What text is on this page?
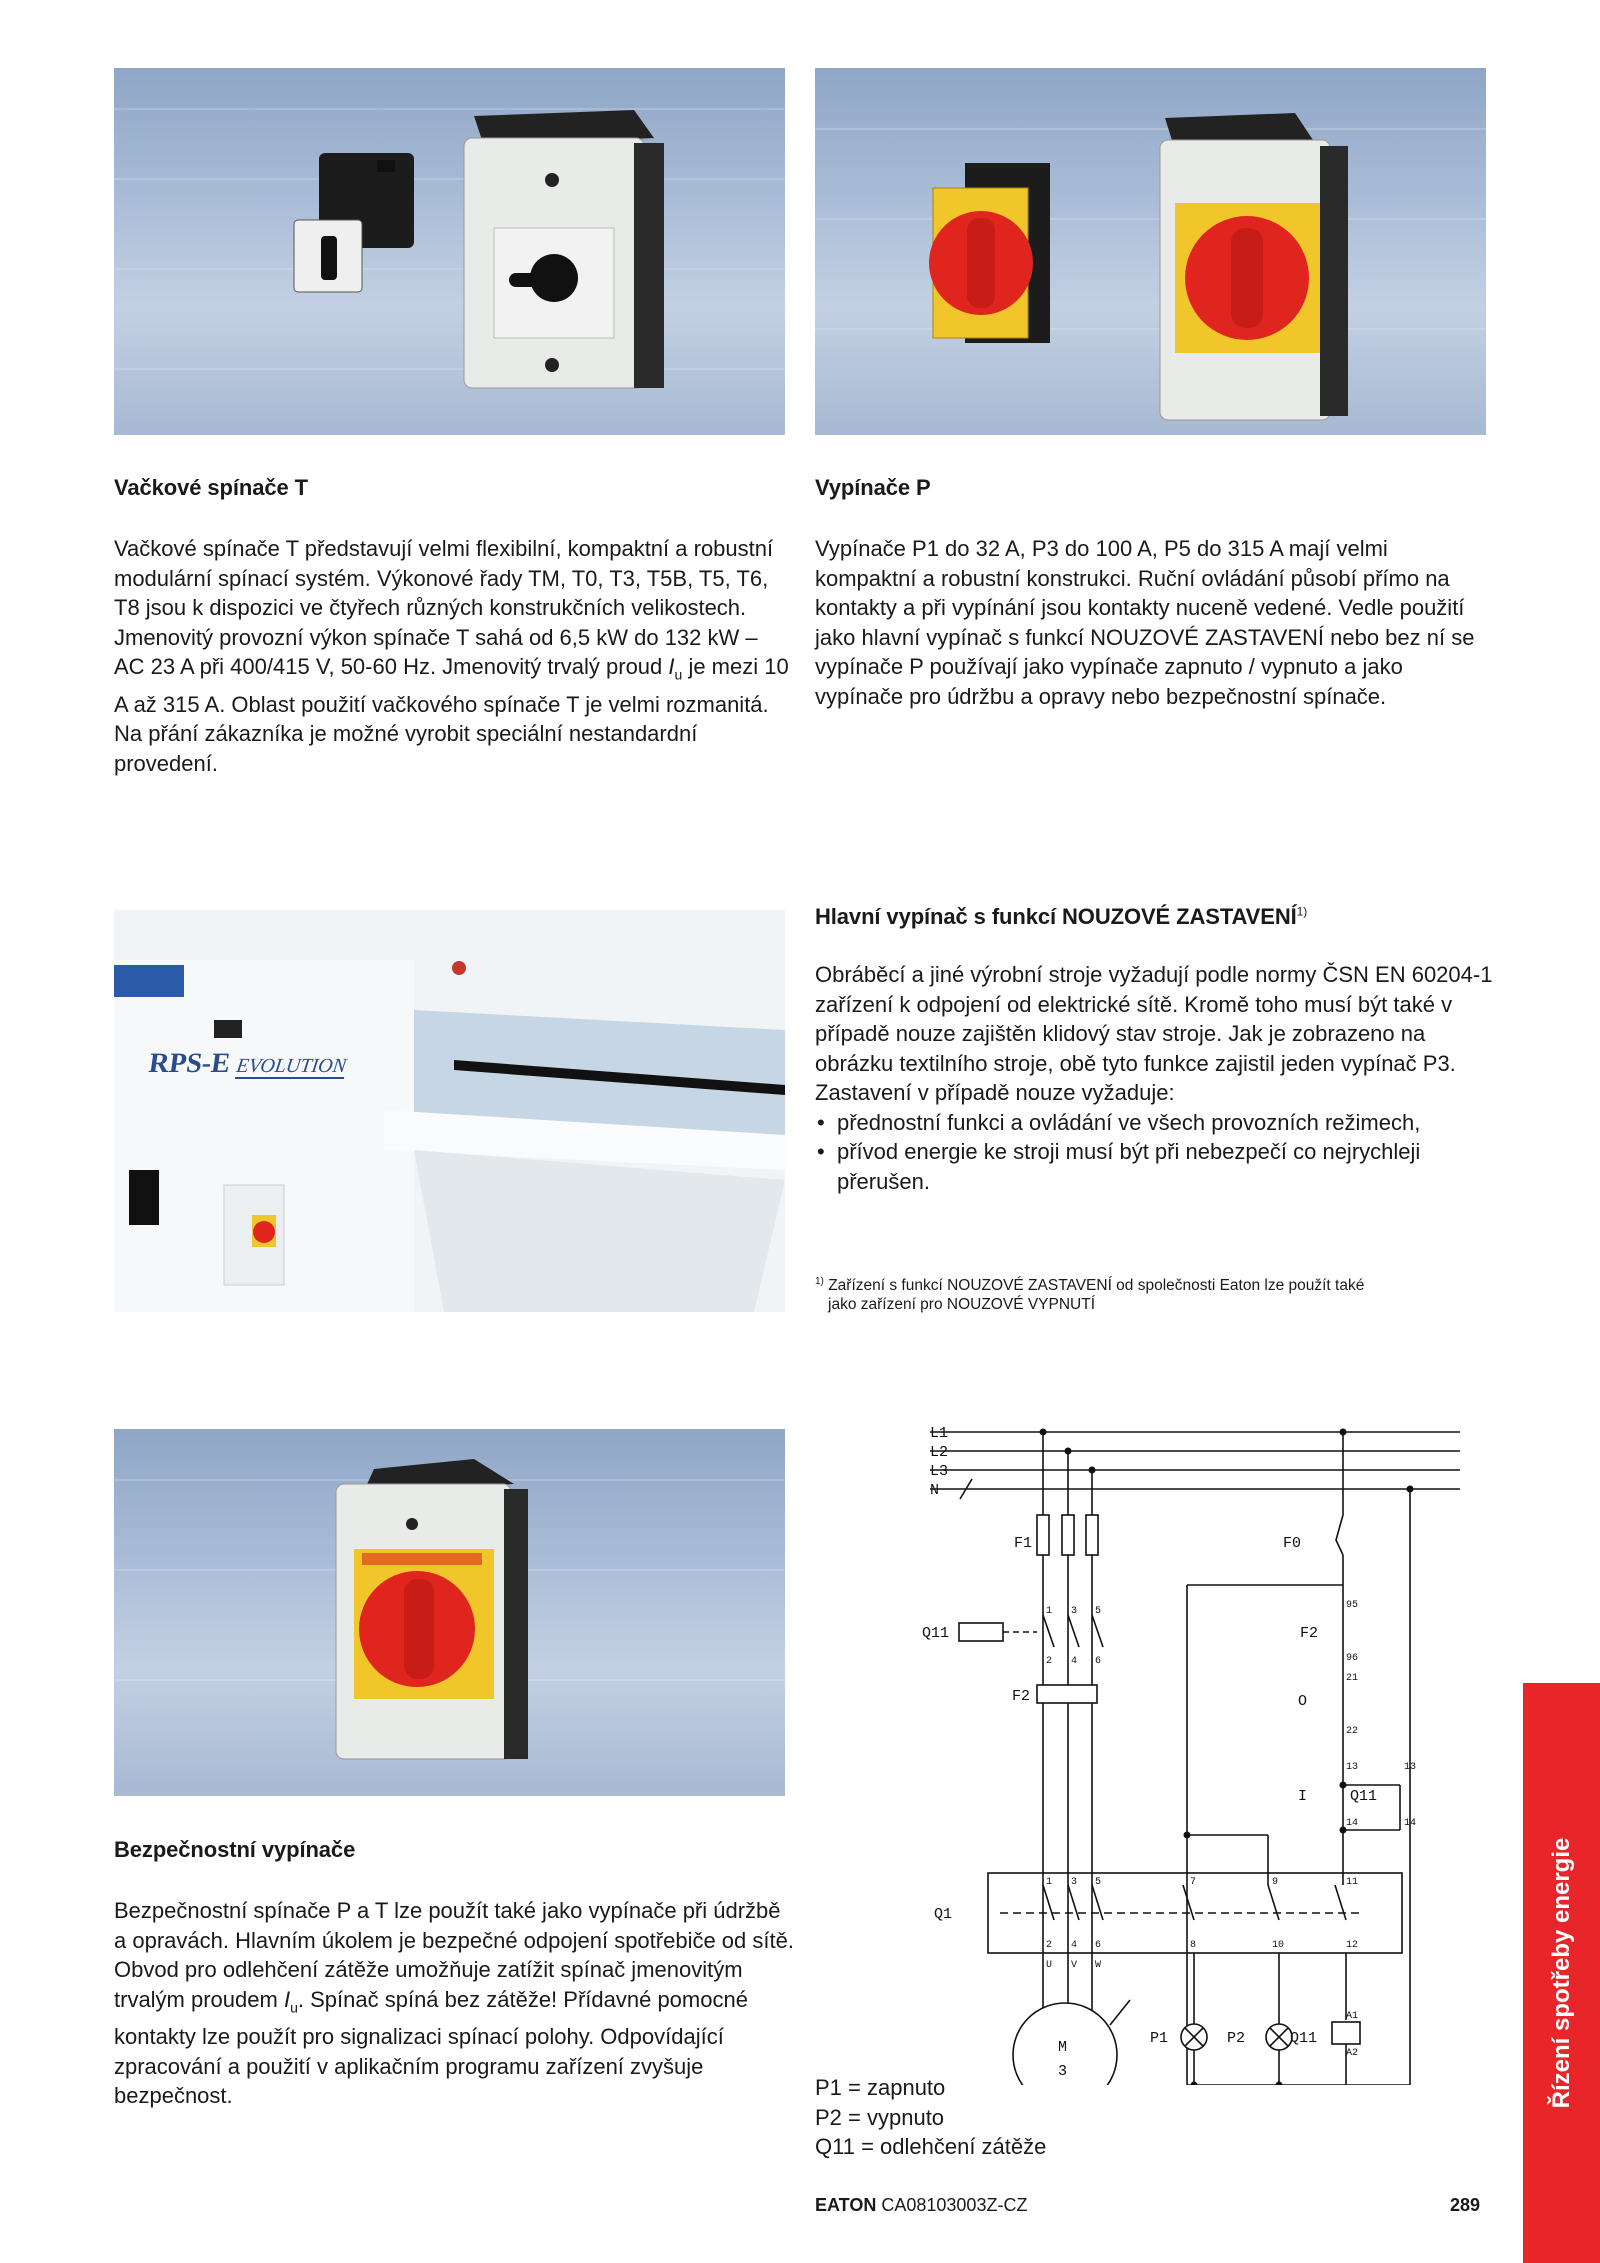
Vačkové spínače T

Vačkové spínače T představují velmi flexibilní, kompaktní a robustní modulární spínací systém. Výkonové řady TM, T0, T3, T5B, T5, T6, T8 jsou k dispozici ve čtyřech různých konstrukčních velikostech. Jmenovitý provozní výkon spínače T sahá od 6,5 kW do 132 kW – AC 23 A při 400/415 V, 50-60 Hz. Jmenovitý trvalý proud $I_u$ je mezi 10 A až 315 A. Oblast použití vačkového spínače T je velmi rozmanitá. Na přání zákazníka je možné vyrobit speciální nestandardní provedení.

Vypínače P

Vypínače P1 do 32 A, P3 do 100 A, P5 do 315 A mají velmi kompaktní a robustní konstrukci. Ruční ovládání působí přímo na kontakty a při vypínání jsou kontakty nuceně vedené. Vedle použití jako hlavní vypínač s funkcí NOUZOVÉ ZASTAVENÍ nebo bez ní se vypínače P používají jako vypínače zapnuto / vypnuto a jako vypínače pro údržbu a opravy nebo bezpečnostní spínače.

RPS-E EVOLUTION
Hlavní vypínač s funkcí NOUZOVÉ ZASTAVENÍ$^{1)}$
Obráběcí a jiné výrobní stroje vyžadují podle normy ČSN EN 60204-1 zařízení k odpojení od elektrické sítě. Kromě toho musí být také v případě nouze zajištěn klidový stav stroje. Jak je zobrazeno na obrázku textilního stroje, obě tyto funkce zajistil jeden vypínač P3. Zastavení v případě nouze vyžaduje:
• přednostní funkci a ovládání ve všech provozních režimech,
• přívod energie ke stroji musí být při nebezpečí co nejrychleji přerušen.
$^{1)}$ Zařízení s funkcí NOUZOVÉ ZASTAVENÍ od společnosti Eaton lze použít také
jako zařízení pro NOUZOVÉ VYPNUTÍ
Bezpečnostní vypínače

Bezpečnostní spínače P a T lze použít také jako vypínače při údržbě a opravách. Hlavním úkolem je bezpečné odpojení spotřebiče od sítě. Obvod pro odlehčení zátěže umožňuje zatížit spínač jmenovitým trvalým proudem $I_u$. Spínač spíná bez zátěže! Přídavné pomocné kontakty lze použít pro signalizaci spínací polohy. Odpovídající zpracování a použití v aplikačním programu zařízení zvyšuje bezpečnost.

L1
L2
L3
N
F1	F0
F2
F2
Q11
Q1
M
3
P1	P2	Q11
O
I	Q11
1 3 5
2 4 6
95
96
21
22
13	13
14	14
7	9	11
8	10	12
U V W
A1
A2
1 3 5
2 4 6
P1 = zapnuto
P2 = vypnuto
Q11 = odlehčení zátěže
Řízení spotřeby energie
EATON CA08103003Z-CZ	289
